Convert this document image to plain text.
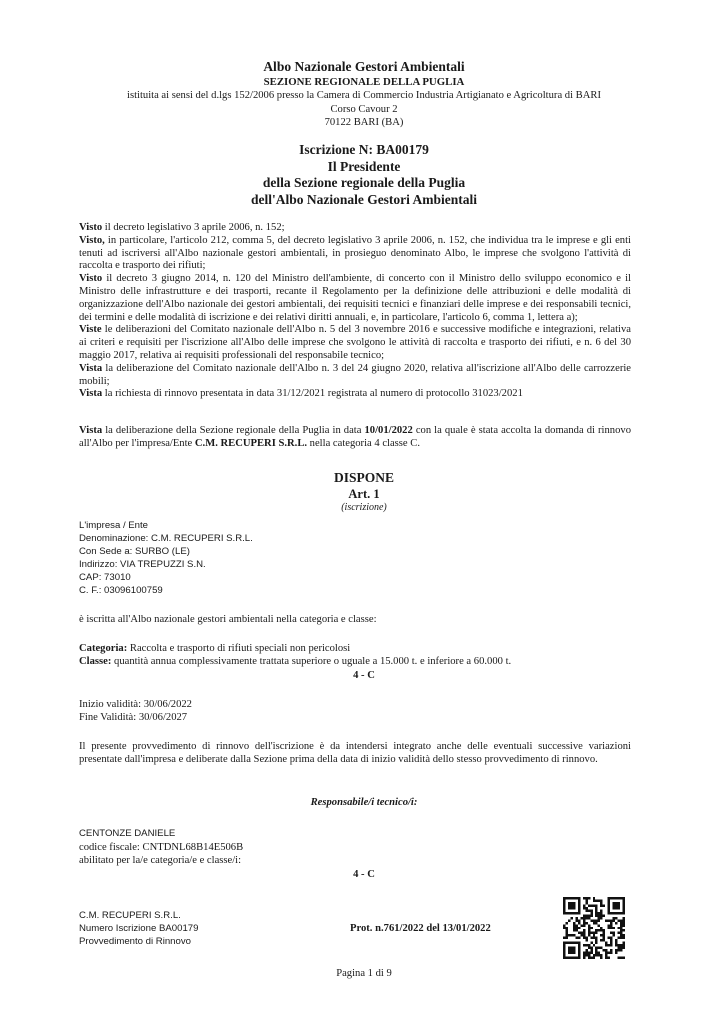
Albo Nazionale Gestori Ambientali
SEZIONE REGIONALE DELLA PUGLIA
istituita ai sensi del d.lgs 152/2006 presso la Camera di Commercio Industria Artigianato e Agricoltura di BARI
Corso Cavour 2
70122 BARI (BA)
Iscrizione N: BA00179
Il Presidente
della Sezione regionale della Puglia
dell'Albo Nazionale Gestori Ambientali
Visto il decreto legislativo 3 aprile 2006, n. 152;
Visto, in particolare, l'articolo 212, comma 5, del decreto legislativo 3 aprile 2006, n. 152, che individua tra le imprese e gli enti tenuti ad iscriversi all'Albo nazionale gestori ambientali, in prosieguo denominato Albo, le imprese che svolgono l'attività di raccolta e trasporto dei rifiuti;
Visto il decreto 3 giugno 2014, n. 120 del Ministro dell'ambiente, di concerto con il Ministro dello sviluppo economico e il Ministro delle infrastrutture e dei trasporti, recante il Regolamento per la definizione delle attribuzioni e delle modalità di organizzazione dell'Albo nazionale dei gestori ambientali, dei requisiti tecnici e finanziari delle imprese e dei responsabili tecnici, dei termini e delle modalità di iscrizione e dei relativi diritti annuali, e, in particolare, l'articolo 6, comma 1, lettera a);
Viste le deliberazioni del Comitato nazionale dell'Albo n. 5 del 3 novembre 2016 e successive modifiche e integrazioni, relativa ai criteri e requisiti per l'iscrizione all'Albo delle imprese che svolgono le attività di raccolta e trasporto dei rifiuti, e n. 6 del 30 maggio 2017, relativa ai requisiti professionali del responsabile tecnico;
Vista la deliberazione del Comitato nazionale dell'Albo n. 3 del 24 giugno 2020, relativa all'iscrizione all'Albo delle carrozzerie mobili;
Vista la richiesta di rinnovo presentata in data 31/12/2021 registrata al numero di protocollo 31023/2021
Vista la deliberazione della Sezione regionale della Puglia in data 10/01/2022 con la quale è stata accolta la domanda di rinnovo all'Albo per l'impresa/Ente C.M. RECUPERI S.R.L. nella categoria 4 classe C.
DISPONE
Art. 1
(iscrizione)
L'impresa / Ente
Denominazione: C.M. RECUPERI S.R.L.
Con Sede a: SURBO (LE)
Indirizzo: VIA TREPUZZI S.N.
CAP: 73010
C. F.: 03096100759
è iscritta all'Albo nazionale gestori ambientali nella categoria e classe:
Categoria: Raccolta e trasporto di rifiuti speciali non pericolosi
Classe: quantità annua complessivamente trattata superiore o uguale a 15.000 t. e inferiore a 60.000 t.
4 - C
Inizio validità: 30/06/2022
Fine Validità: 30/06/2027
Il presente provvedimento di rinnovo dell'iscrizione è da intendersi integrato anche delle eventuali successive variazioni presentate dall'impresa e deliberate dalla Sezione prima della data di inizio validità dello stesso provvedimento di rinnovo.
Responsabile/i tecnico/i:
CENTONZE DANIELE
codice fiscale: CNTDNL68B14E506B
abilitato per la/e categoria/e e classe/i:
4 - C
C.M. RECUPERI S.R.L.
Numero Iscrizione BA00179
Provvedimento di Rinnovo
Prot. n.761/2022 del 13/01/2022
Pagina 1 di 9
